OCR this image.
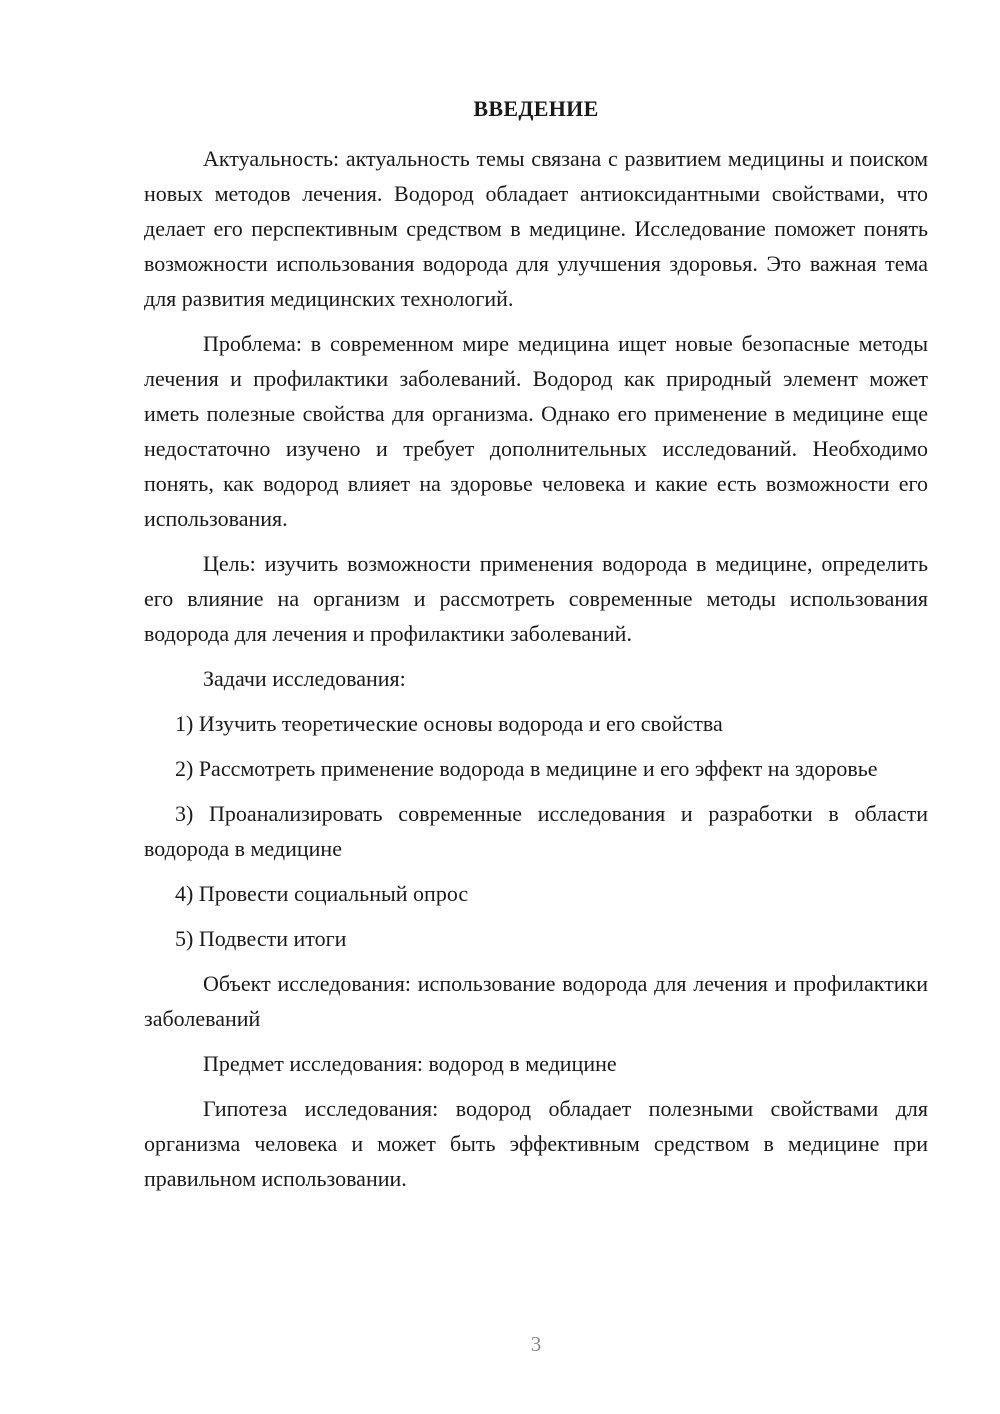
ВВЕДЕНИЕ

Актуальность: актуальность темы связана с развитием медицины и поиском новых методов лечения. Водород обладает антиоксидантными свойствами, что делает его перспективным средством в медицине. Исследование поможет понять возможности использования водорода для улучшения здоровья. Это важная тема для развития медицинских технологий.

Проблема: в современном мире медицина ищет новые безопасные методы лечения и профилактики заболеваний. Водород как природный элемент может иметь полезные свойства для организма. Однако его применение в медицине еще недостаточно изучено и требует дополнительных исследований. Необходимо понять, как водород влияет на здоровье человека и какие есть возможности его использования.

Цель: изучить возможности применения водорода в медицине, определить его влияние на организм и рассмотреть современные методы использования водорода для лечения и профилактики заболеваний.

Задачи исследования:

1) Изучить теоретические основы водорода и его свойства

2) Рассмотреть применение водорода в медицине и его эффект на здоровье

3) Проанализировать современные исследования и разработки в области водорода в медицине

4) Провести социальный опрос

5) Подвести итоги

Объект исследования: использование водорода для лечения и профилактики заболеваний

Предмет исследования: водород в медицине

Гипотеза исследования: водород обладает полезными свойствами для организма человека и может быть эффективным средством в медицине при правильном использовании.

3
